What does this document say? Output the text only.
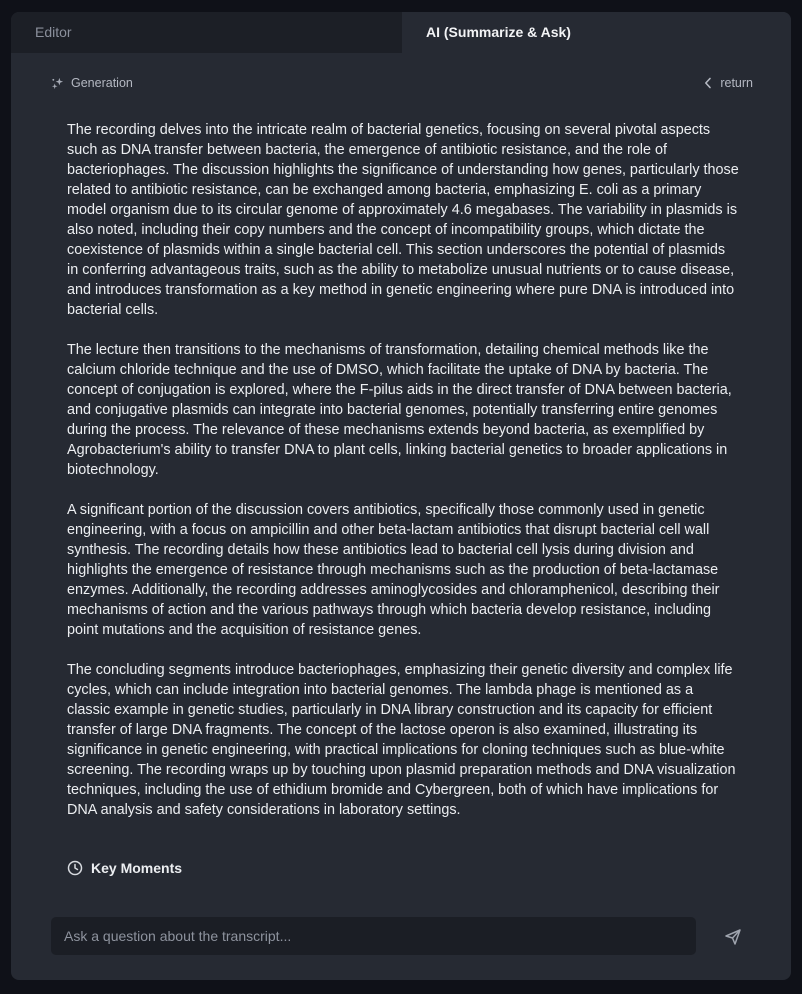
Editor	AI (Summarize & Ask)
Generation	return

The recording delves into the intricate realm of bacterial genetics, focusing on several pivotal aspects such as DNA transfer between bacteria, the emergence of antibiotic resistance, and the role of bacteriophages. The discussion highlights the significance of understanding how genes, particularly those related to antibiotic resistance, can be exchanged among bacteria, emphasizing E. coli as a primary model organism due to its circular genome of approximately 4.6 megabases. The variability in plasmids is also noted, including their copy numbers and the concept of incompatibility groups, which dictate the coexistence of plasmids within a single bacterial cell. This section underscores the potential of plasmids in conferring advantageous traits, such as the ability to metabolize unusual nutrients or to cause disease, and introduces transformation as a key method in genetic engineering where pure DNA is introduced into bacterial cells.

The lecture then transitions to the mechanisms of transformation, detailing chemical methods like the calcium chloride technique and the use of DMSO, which facilitate the uptake of DNA by bacteria. The concept of conjugation is explored, where the F-pilus aids in the direct transfer of DNA between bacteria, and conjugative plasmids can integrate into bacterial genomes, potentially transferring entire genomes during the process. The relevance of these mechanisms extends beyond bacteria, as exemplified by Agrobacterium's ability to transfer DNA to plant cells, linking bacterial genetics to broader applications in biotechnology.

A significant portion of the discussion covers antibiotics, specifically those commonly used in genetic engineering, with a focus on ampicillin and other beta-lactam antibiotics that disrupt bacterial cell wall synthesis. The recording details how these antibiotics lead to bacterial cell lysis during division and highlights the emergence of resistance through mechanisms such as the production of beta-lactamase enzymes. Additionally, the recording addresses aminoglycosides and chloramphenicol, describing their mechanisms of action and the various pathways through which bacteria develop resistance, including point mutations and the acquisition of resistance genes.

The concluding segments introduce bacteriophages, emphasizing their genetic diversity and complex life cycles, which can include integration into bacterial genomes. The lambda phage is mentioned as a classic example in genetic studies, particularly in DNA library construction and its capacity for efficient transfer of large DNA fragments. The concept of the lactose operon is also examined, illustrating its significance in genetic engineering, with practical implications for cloning techniques such as blue-white screening. The recording wraps up by touching upon plasmid preparation methods and DNA visualization techniques, including the use of ethidium bromide and Cybergreen, both of which have implications for DNA analysis and safety considerations in laboratory settings.

Key Moments
Ask a question about the transcript...
